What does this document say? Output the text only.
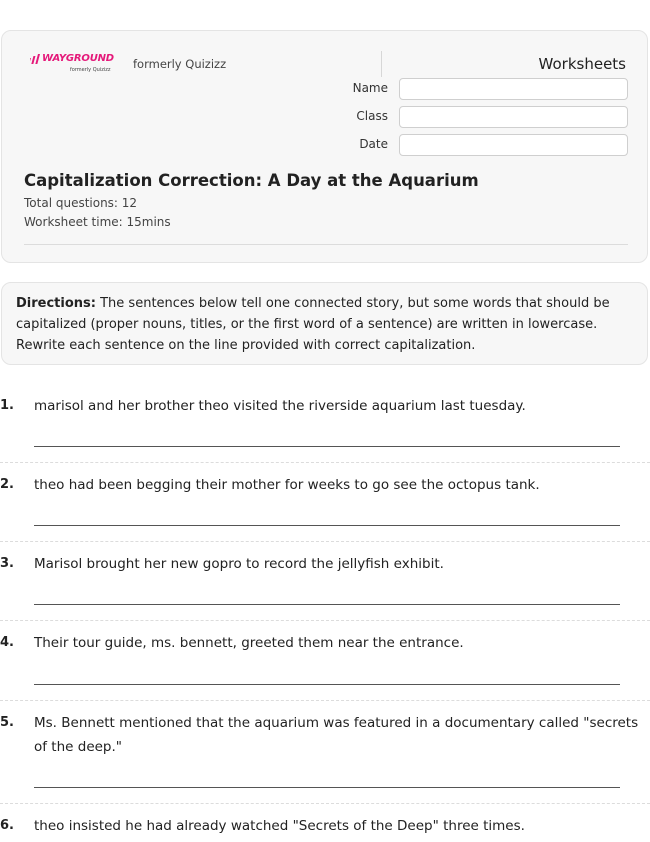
WAYGROUND
formerly Quizizz formerly Quizizz	Worksheets
Name
Class
Date
Capitalization Correction: A Day at the Aquarium
Total questions: 12
Worksheet time: 15mins
Directions: The sentences below tell one connected story, but some words that should be capitalized (proper nouns, titles, or the first word of a sentence) are written in lowercase. Rewrite each sentence on the line provided with correct capitalization.
1. marisol and her brother theo visited the riverside aquarium last tuesday.
2. theo had been begging their mother for weeks to go see the octopus tank.
3. Marisol brought her new gopro to record the jellyfish exhibit.
4. Their tour guide, ms. bennett, greeted them near the entrance.
5. Ms. Bennett mentioned that the aquarium was featured in a documentary called "secrets of the deep."
6. theo insisted he had already watched "Secrets of the Deep" three times.
